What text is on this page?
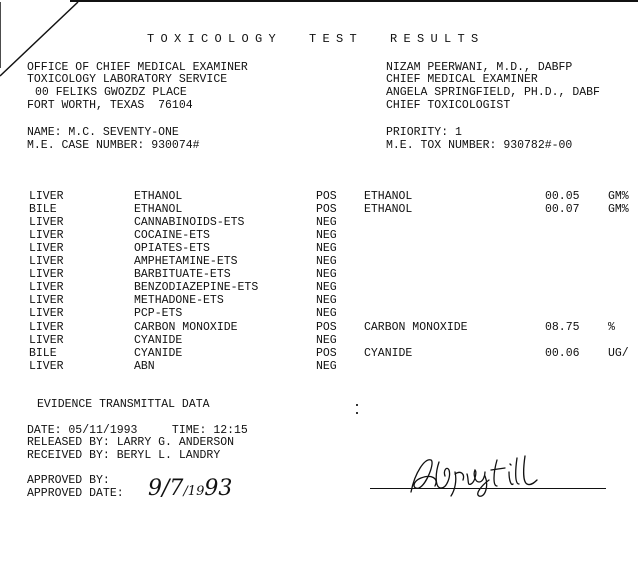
TOXICOLOGY  TEST  RESULTS
OFFICE OF CHIEF MEDICAL EXAMINER
TOXICOLOGY LABORATORY SERVICE
00 FELIKS GWOZDZ PLACE
FORT WORTH, TEXAS  76104
NIZAM PEERWANI, M.D., DABFP
CHIEF MEDICAL EXAMINER
ANGELA SPRINGFIELD, PH.D., DABF
CHIEF TOXICOLOGIST
NAME: M.C. SEVENTY-ONE
M.E. CASE NUMBER: 930074#
PRIORITY: 1
M.E. TOX NUMBER: 930782#-00
LIVER	ETHANOL	POS ETHANOL	00.05 GM%
BILE	ETHANOL	POS ETHANOL	00.07 GM%
LIVER	CANNABINOIDS-ETS	NEG
LIVER	COCAINE-ETS	NEG
LIVER	OPIATES-ETS	NEG
LIVER	AMPHETAMINE-ETS	NEG
LIVER	BARBITUATE-ETS	NEG
LIVER	BENZODIAZEPINE-ETS	NEG
LIVER	METHADONE-ETS	NEG
LIVER	PCP-ETS	NEG
LIVER	CARBON MONOXIDE	POS CARBON MONOXIDE	08.75 %
LIVER	CYANIDE	NEG
BILE	CYANIDE	POS CYANIDE	00.06 UG/
LIVER	ABN	NEG
EVIDENCE TRANSMITTAL DATA
DATE: 05/11/1993     TIME: 12:15
RELEASED BY: LARRY G. ANDERSON
RECEIVED BY: BERYL L. LANDRY
APPROVED BY:
APPROVED DATE: 9/7/1993
